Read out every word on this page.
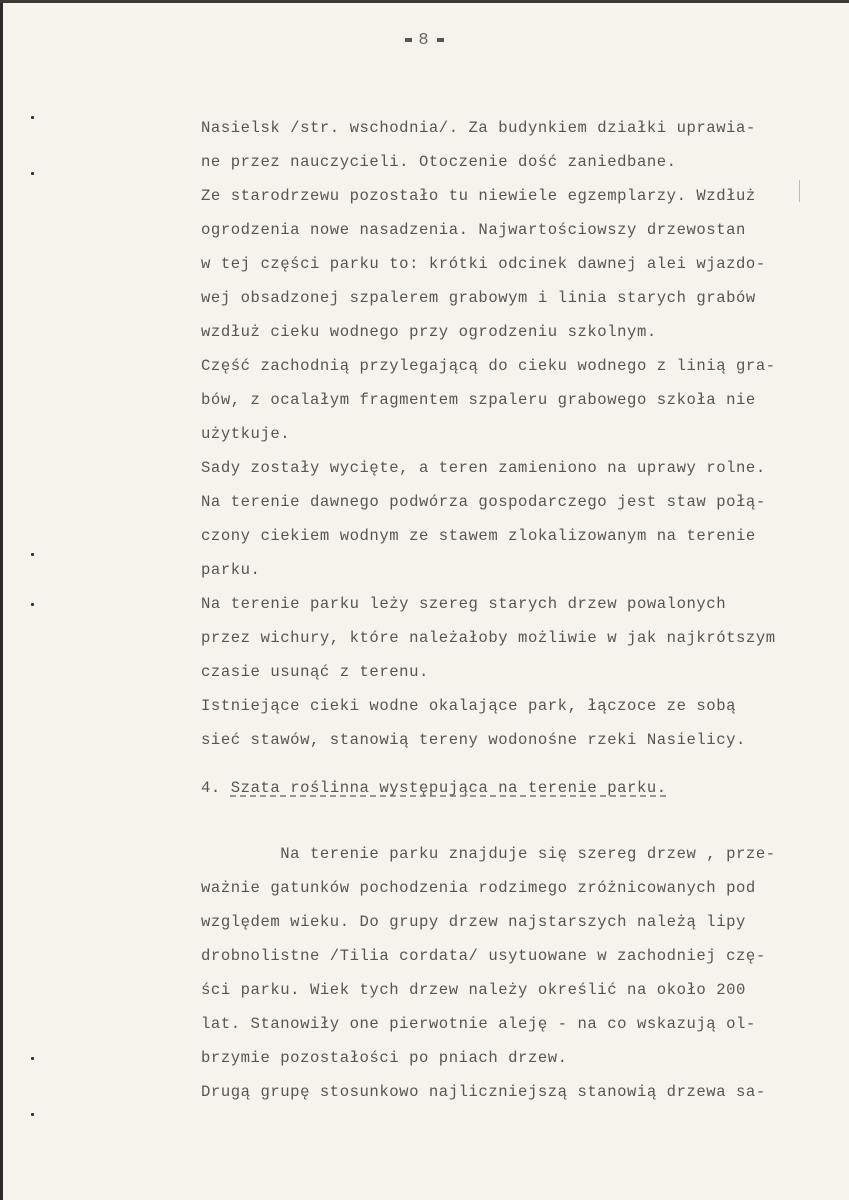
8
Nasielsk /str. wschodnia/. Za budynkiem działki uprawia-
ne przez nauczycieli. Otoczenie dość zaniedbane.
Ze starodrzewu pozostało tu niewiele egzemplarzy. Wzdłuż
ogrodzenia nowe nasadzenia. Najwartościowszy drzewostan
w tej części parku to: krótki odcinek dawnej alei wjazdo-
wej obsadzonej szpalerem grabowym i linia starych grabów
wzdłuż cieku wodnego przy ogrodzeniu szkolnym.
Część zachodnią przylegającą do cieku wodnego z linią gra-
bów, z ocalałym fragmentem szpaleru grabowego szkoła nie
użytkuje.
Sady zostały wycięte, a teren zamieniono na uprawy rolne.
Na terenie dawnego podwórza gospodarczego jest staw połą-
czony ciekiem wodnym ze stawem zlokalizowanym na terenie
parku.
Na terenie parku leży szereg starych drzew powalonych
przez wichury, które należałoby możliwie w jak najkrótszym
czasie usunąć z terenu.
Istniejące cieki wodne okalające park, łączoce ze sobą
sieć stawów, stanowią tereny wodonośne rzeki Nasielicy.
4. Szata roślinna występująca na terenie parku.
Na terenie parku znajduje się szereg drzew , prze-
ważnie gatunków pochodzenia rodzimego zróżnicowanych pod
względem wieku. Do grupy drzew najstarszych należą lipy
drobnolistne /Tilia cordata/ usytuowane w zachodniej czę-
ści parku. Wiek tych drzew należy określić na około 200
lat. Stanowiły one pierwotnie aleję - na co wskazują ol-
brzymie pozostałości po pniach drzew.
Drugą grupę stosunkowo najliczniejszą stanowią drzewa sa-
